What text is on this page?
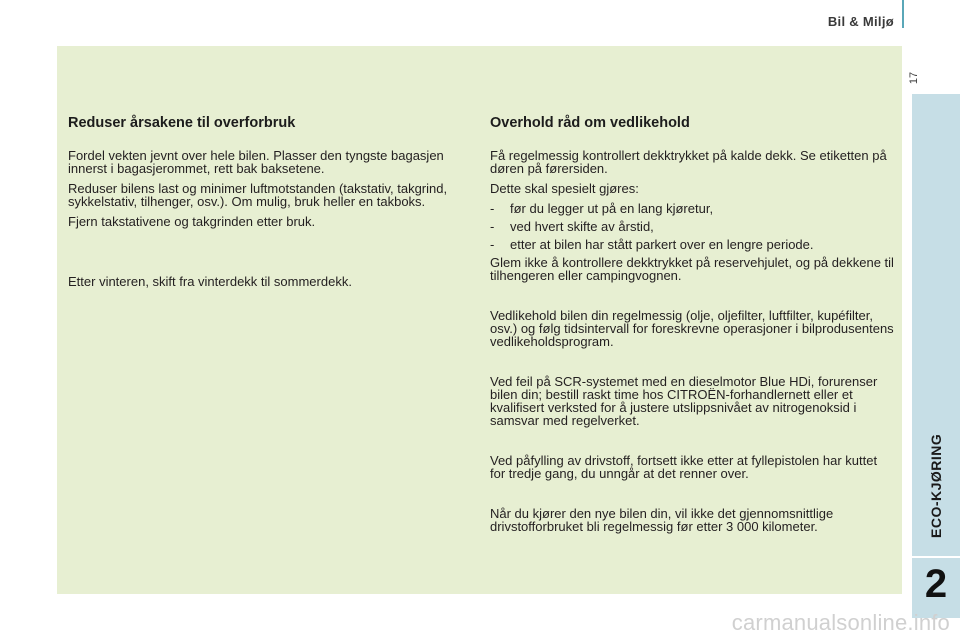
Bil & Miljø
17
ECO-KJØRING
2
Reduser årsakene til overforbruk

Fordel vekten jevnt over hele bilen. Plasser den tyngste bagasjen innerst i bagasjerommet, rett bak baksetene.

Reduser bilens last og minimer luftmotstanden (takstativ, takgrind, sykkelstativ, tilhenger, osv.). Om mulig, bruk heller en takboks.

Fjern takstativene og takgrinden etter bruk.

Etter vinteren, skift fra vinterdekk til sommerdekk.

Overhold råd om vedlikehold

Få regelmessig kontrollert dekktrykket på kalde dekk. Se etiketten på døren på førersiden.

Dette skal spesielt gjøres:

- før du legger ut på en lang kjøretur,
- ved hvert skifte av årstid,
- etter at bilen har stått parkert over en lengre periode.

Glem ikke å kontrollere dekktrykket på reservehjulet, og på dekkene til tilhengeren eller campingvognen.

Vedlikehold bilen din regelmessig (olje, oljefilter, luftfilter, kupéfilter, osv.) og følg tidsintervall for foreskrevne operasjoner i bilprodusentens vedlikeholdsprogram.

Ved feil på SCR-systemet med en dieselmotor Blue HDi, forurenser bilen din; bestill raskt time hos CITROËN-forhandlernett eller et kvalifisert verksted for å justere utslippsnivået av nitrogenoksid i samsvar med regelverket.

Ved påfylling av drivstoff, fortsett ikke etter at fyllepistolen har kuttet for tredje gang, du unngår at det renner over.

Når du kjører den nye bilen din, vil ikke det gjennomsnittlige drivstofforbruket bli regelmessig før etter 3 000 kilometer.

carmanualsonline.info
